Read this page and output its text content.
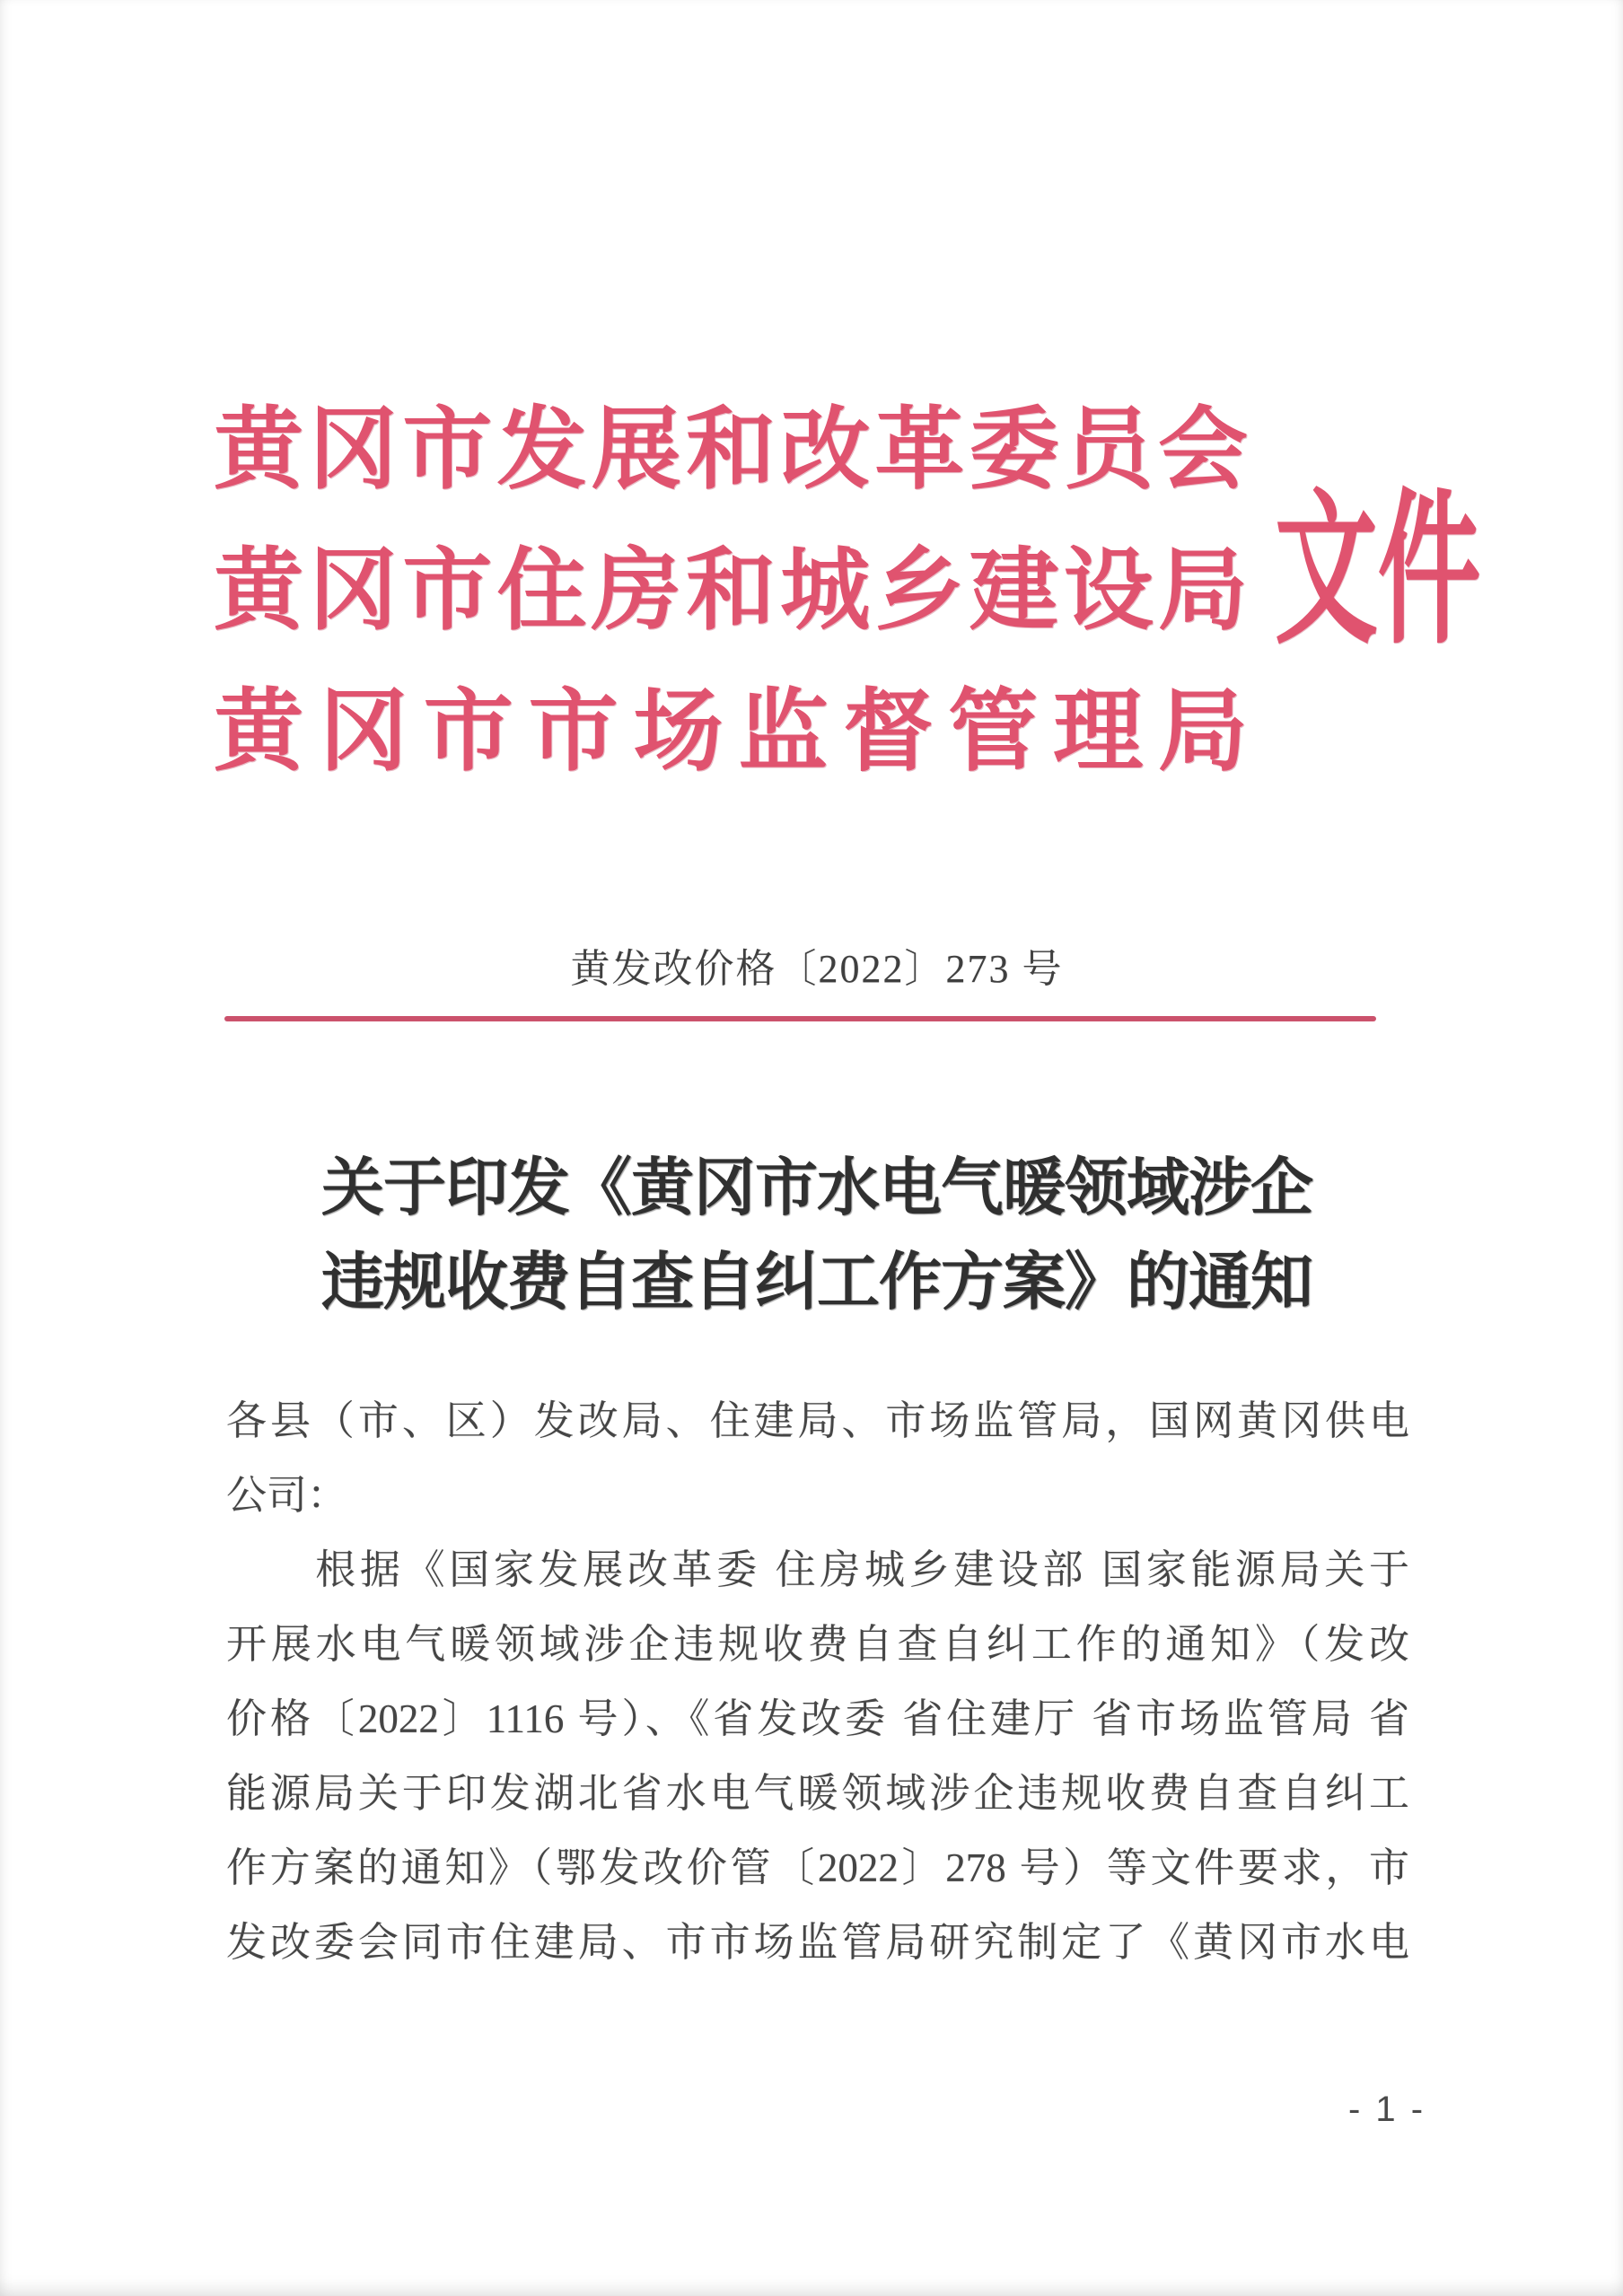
黄冈市发展和改革委员会
黄冈市住房和城乡建设局
黄冈市市场监督管理局
文件
黄发改价格〔2022〕273 号
关于印发《黄冈市水电气暖领域涉企
违规收费自查自纠工作方案》的通知
各县（市、区）发改局、住建局、市场监管局，国网黄冈供电
公司：
　　根据《国家发展改革委 住房城乡建设部 国家能源局关于
开展水电气暖领域涉企违规收费自查自纠工作的通知》（发改
价格〔2022〕1116 号）、《省发改委 省住建厅 省市场监管局 省
能源局关于印发湖北省水电气暖领域涉企违规收费自查自纠工
作方案的通知》（鄂发改价管〔2022〕278 号）等文件要求，市
发改委会同市住建局、市市场监管局研究制定了《黄冈市水电
- 1 -
